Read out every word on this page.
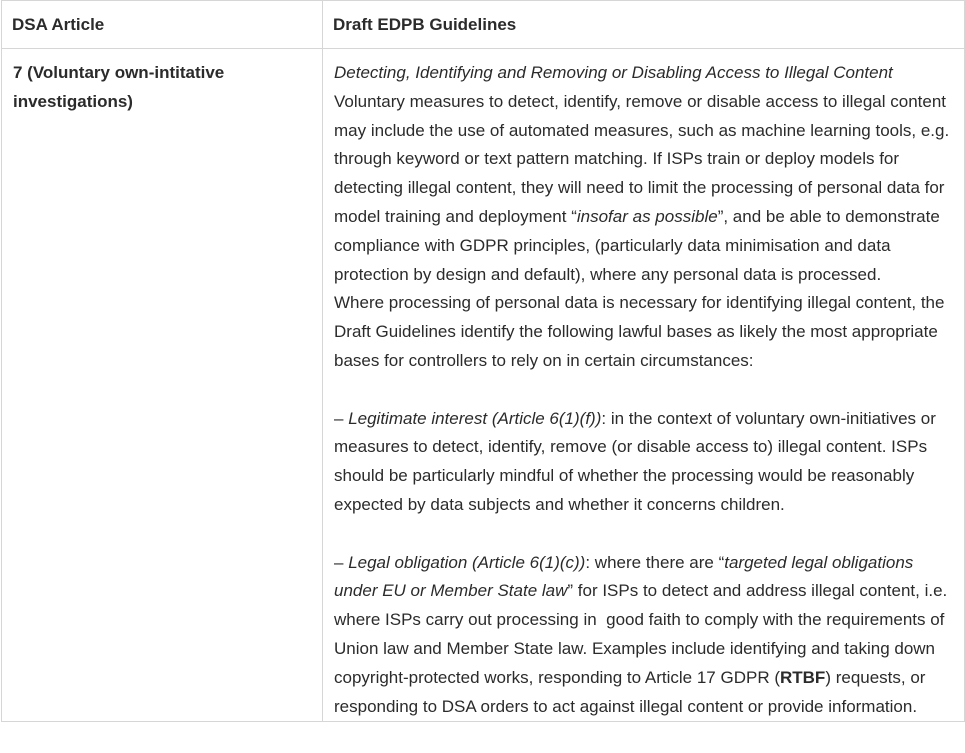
DSA Article	Draft EDPB Guidelines
7 (Voluntary own-intitative investigations)	Detecting, Identifying and Removing or Disabling Access to Illegal Content

Voluntary measures to detect, identify, remove or disable access to illegal content may include the use of automated measures, such as machine learning tools, e.g. through keyword or text pattern matching. If ISPs train or deploy models for detecting illegal content, they will need to limit the processing of personal data for model training and deployment “insofar as possible”, and be able to demonstrate compliance with GDPR principles, (particularly data minimisation and data protection by design and default), where any personal data is processed.

Where processing of personal data is necessary for identifying illegal content, the Draft Guidelines identify the following lawful bases as likely the most appropriate bases for controllers to rely on in certain circumstances:

– Legitimate interest (Article 6(1)(f)): in the context of voluntary own-initiatives or measures to detect, identify, remove (or disable access to) illegal content. ISPs should be particularly mindful of whether the processing would be reasonably expected by data subjects and whether it concerns children.

– Legal obligation (Article 6(1)(c)): where there are “targeted legal obligations under EU or Member State law” for ISPs to detect and address illegal content, i.e. where ISPs carry out processing in  good faith to comply with the requirements of Union law and Member State law. Examples include identifying and taking down copyright-protected works, responding to Article 17 GDPR (RTBF) requests, or responding to DSA orders to act against illegal content or provide information.
